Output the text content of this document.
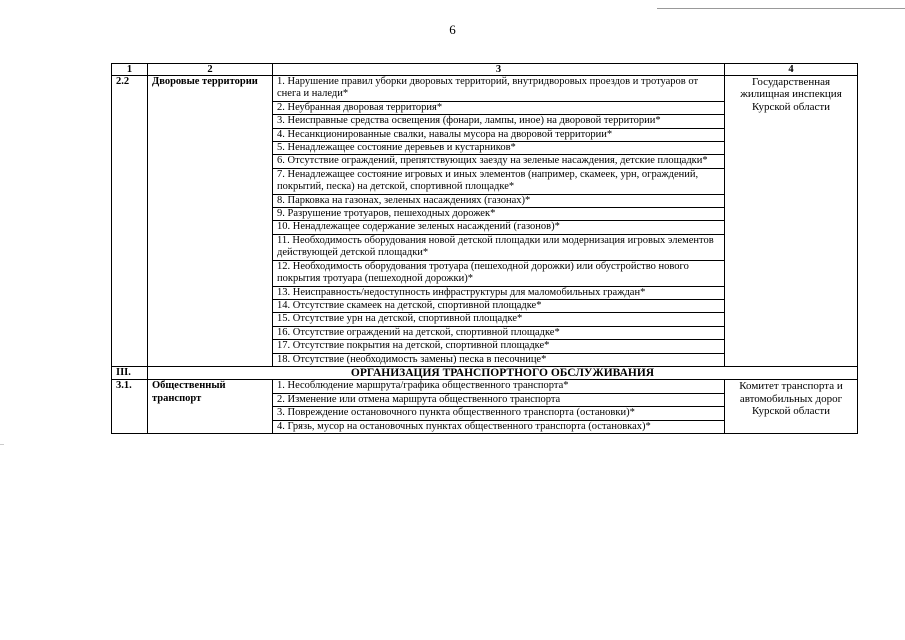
6
1	2	3	4
2.2	Дворовые территории	1. Нарушение правил уборки дворовых территорий, внутридворовых проездов и тротуаров от снега и наледи*	Государственная жилищная инспекция Курской области
		2. Неубранная дворовая территория*	
		3. Неисправные средства освещения (фонари, лампы, иное) на дворовой территории*	
		4. Несанкционированные свалки, навалы мусора на дворовой территории*	
		5. Ненадлежащее состояние деревьев и кустарников*	
		6. Отсутствие ограждений, препятствующих заезду на зеленые насаждения, детские площадки*	
		7. Ненадлежащее состояние игровых и иных элементов (например, скамеек, урн, ограждений, покрытий, песка) на детской, спортивной площадке*	
		8. Парковка на газонах, зеленых насаждениях (газонах)*	
		9. Разрушение тротуаров, пешеходных дорожек*	
		10. Ненадлежащее содержание зеленых насаждений (газонов)*	
		11. Необходимость оборудования новой детской площадки или модернизация игровых элементов действующей детской площадки*	
		12. Необходимость оборудования тротуара (пешеходной дорожки) или обустройство нового покрытия тротуара (пешеходной дорожки)*	
		13. Неисправность/недоступность инфраструктуры для маломобильных граждан*	
		14. Отсутствие скамеек на детской, спортивной площадке*	
		15. Отсутствие урн на детской, спортивной площадке*	
		16. Отсутствие ограждений на детской, спортивной площадке*	
		17. Отсутствие покрытия на детской, спортивной площадке*	
		18. Отсутствие (необходимость замены) песка в песочнице*	
III.	ОРГАНИЗАЦИЯ ТРАНСПОРТНОГО ОБСЛУЖИВАНИЯ		
3.1.	Общественный транспорт	1. Несоблюдение маршрута/графика общественного транспорта*	Комитет транспорта и автомобильных дорог Курской области
		2. Изменение или отмена маршрута общественного транспорта	
		3. Повреждение остановочного пункта общественного транспорта (остановки)*	
		4. Грязь, мусор на остановочных пунктах общественного транспорта (остановках)*	
